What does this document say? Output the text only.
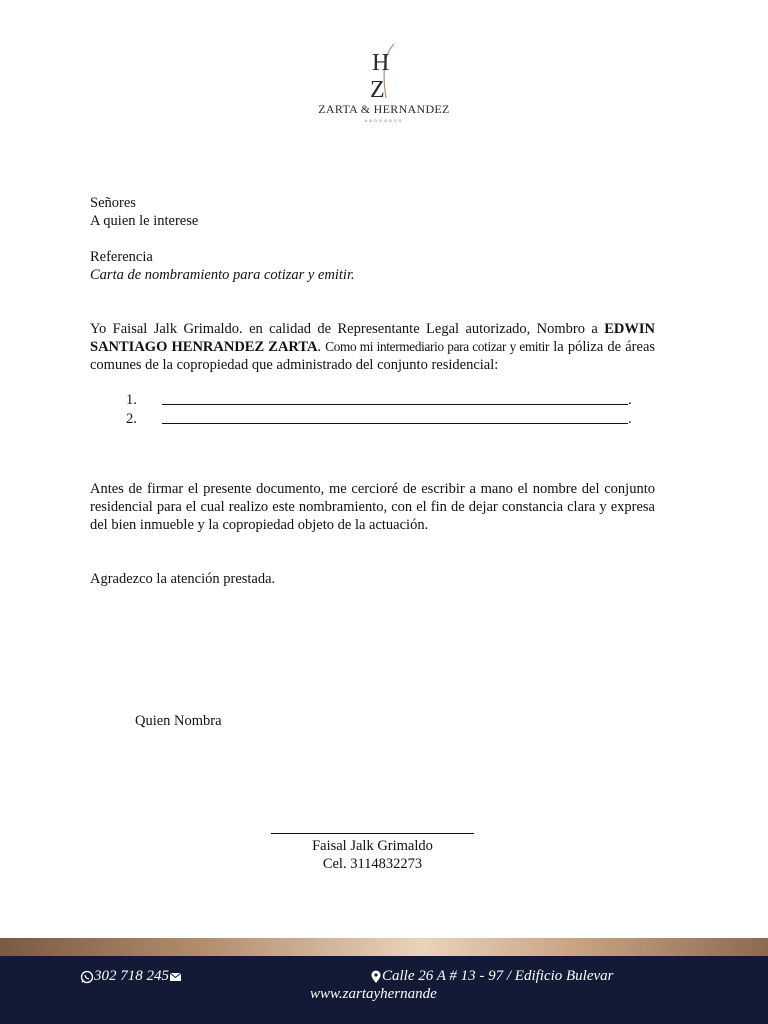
H
Z
ZARTA & HERNANDEZ
ABOGADOS
Señores
A quien le interese
Referencia
Carta de nombramiento para cotizar y emitir.
Yo Faisal Jalk Grimaldo. en calidad de Representante Legal autorizado, Nombro a EDWIN SANTIAGO HENRANDEZ ZARTA. Como mi intermediario para cotizar y emitir la póliza de áreas comunes de la copropiedad que administrado del conjunto residencial:
1.	.
2.	.
Antes de firmar el presente documento, me cercioré de escribir a mano el nombre del conjunto residencial para el cual realizo este nombramiento, con el fin de dejar constancia clara y expresa del bien inmueble y la copropiedad objeto de la actuación.
Agradezco la atención prestada.
Quien Nombra
Faisal Jalk Grimaldo
Cel. 3114832273
302 718 245	Calle 26 A # 13 - 97 / Edificio Bulevar
www.zartayhernande
